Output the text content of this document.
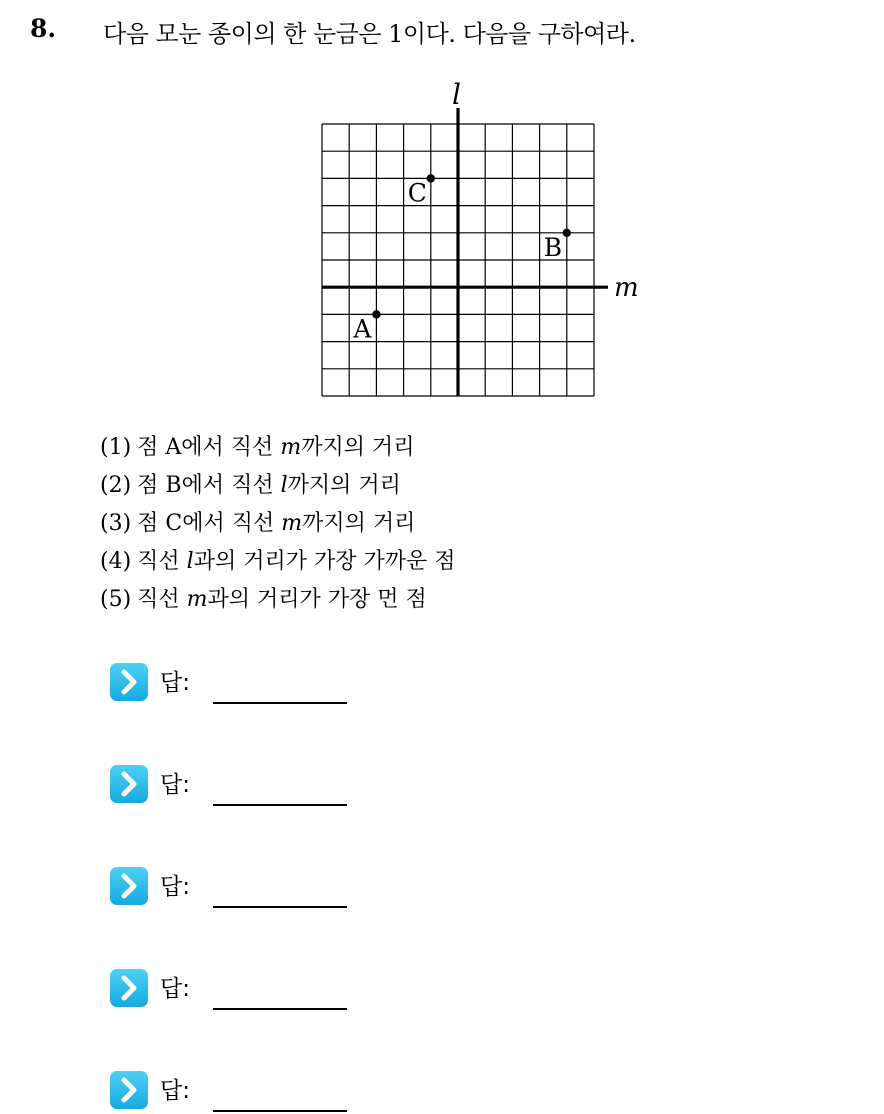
8. 다음 모눈 종이의 한 눈금은 1이다. 다음을 구하여라.
l
m
A
B
C
(1) 점 A에서 직선 m까지의 거리
(2) 점 B에서 직선 l까지의 거리
(3) 점 C에서 직선 m까지의 거리
(4) 직선 l과의 거리가 가장 가까운 점
(5) 직선 m과의 거리가 가장 먼 점
답:
답:
답:
답:
답:
